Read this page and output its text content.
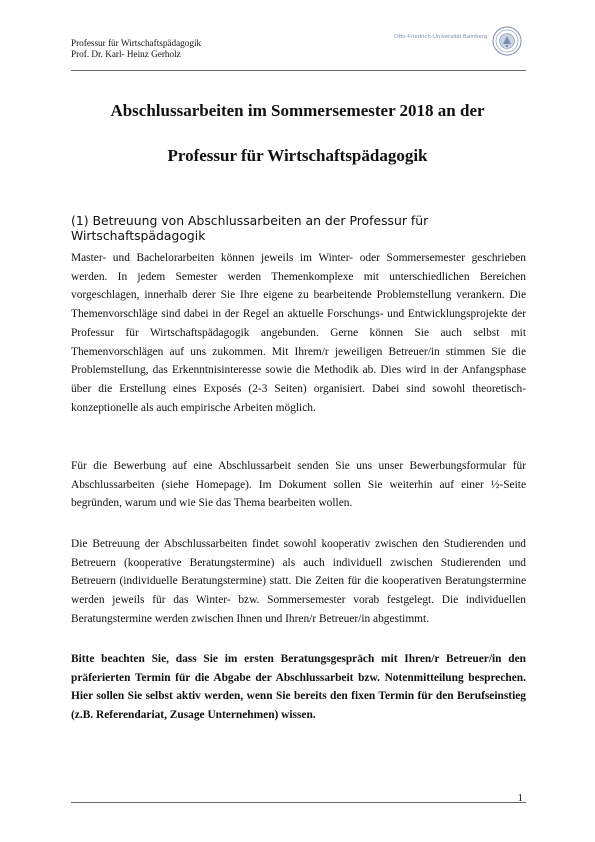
Professur für Wirtschaftspädagogik
Prof. Dr. Karl- Heinz Gerholz
Otto-Friedrich-Universität Bamberg
Abschlussarbeiten im Sommersemester 2018 an der
Professur für Wirtschaftspädagogik
(1) Betreuung von Abschlussarbeiten an der Professur für Wirtschaftspädagogik
Master- und Bachelorarbeiten können jeweils im Winter- oder Sommersemester geschrieben werden. In jedem Semester werden Themenkomplexe mit unterschiedlichen Bereichen vorgeschlagen, innerhalb derer Sie Ihre eigene zu bearbeitende Problemstellung verankern. Die Themenvorschläge sind dabei in der Regel an aktuelle Forschungs- und Entwicklungsprojekte der Professur für Wirtschaftspädagogik angebunden. Gerne können Sie auch selbst mit Themenvorschlägen auf uns zukommen. Mit Ihrem/r jeweiligen Betreuer/in stimmen Sie die Problemstellung, das Erkenntnisinteresse sowie die Methodik ab. Dies wird in der Anfangsphase über die Erstellung eines Exposés (2-3 Seiten) organisiert. Dabei sind sowohl theoretisch-konzeptionelle als auch empirische Arbeiten möglich.
Für die Bewerbung auf eine Abschlussarbeit senden Sie uns unser Bewerbungsformular für Abschlussarbeiten (siehe Homepage). Im Dokument sollen Sie weiterhin auf einer ½-Seite begründen, warum und wie Sie das Thema bearbeiten wollen.
Die Betreuung der Abschlussarbeiten findet sowohl kooperativ zwischen den Studierenden und Betreuern (kooperative Beratungstermine) als auch individuell zwischen Studierenden und Betreuern (individuelle Beratungstermine) statt. Die Zeiten für die kooperativen Beratungstermine werden jeweils für das Winter- bzw. Sommersemester vorab festgelegt. Die individuellen Beratungstermine werden zwischen Ihnen und Ihren/r Betreuer/in abgestimmt.
Bitte beachten Sie, dass Sie im ersten Beratungsgespräch mit Ihren/r Betreuer/in den präferierten Termin für die Abgabe der Abschlussarbeit bzw. Notenmitteilung besprechen. Hier sollen Sie selbst aktiv werden, wenn Sie bereits den fixen Termin für den Berufseinstieg (z.B. Referendariat, Zusage Unternehmen) wissen.
1
